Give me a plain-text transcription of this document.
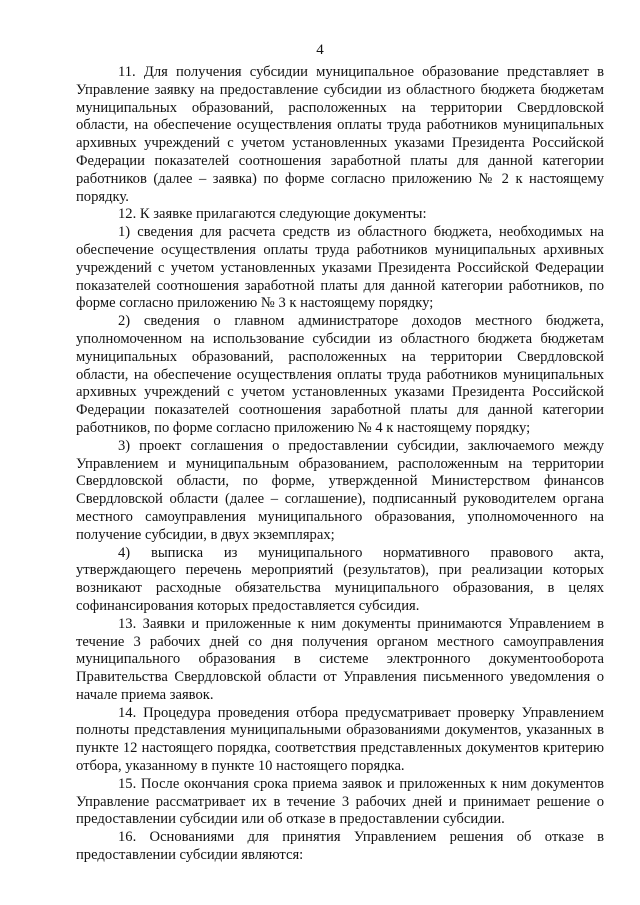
4

11. Для получения субсидии муниципальное образование представляет в Управление заявку на предоставление субсидии из областного бюджета бюджетам муниципальных образований, расположенных на территории Свердловской области, на обеспечение осуществления оплаты труда работников муниципальных архивных учреждений с учетом установленных указами Президента Российской Федерации показателей соотношения заработной платы для данной категории работников (далее – заявка) по форме согласно приложению № 2 к настоящему порядку.

12. К заявке прилагаются следующие документы:

1) сведения для расчета средств из областного бюджета, необходимых на обеспечение осуществления оплаты труда работников муниципальных архивных учреждений с учетом установленных указами Президента Российской Федерации показателей соотношения заработной платы для данной категории работников, по форме согласно приложению № 3 к настоящему порядку;

2) сведения о главном администраторе доходов местного бюджета, уполномоченном на использование субсидии из областного бюджета бюджетам муниципальных образований, расположенных на территории Свердловской области, на обеспечение осуществления оплаты труда работников муниципальных архивных учреждений с учетом установленных указами Президента Российской Федерации показателей соотношения заработной платы для данной категории работников, по форме согласно приложению № 4 к настоящему порядку;

3) проект соглашения о предоставлении субсидии, заключаемого между Управлением и муниципальным образованием, расположенным на территории Свердловской области, по форме, утвержденной Министерством финансов Свердловской области (далее – соглашение), подписанный руководителем органа местного самоуправления муниципального образования, уполномоченного на получение субсидии, в двух экземплярах;

4) выписка из муниципального нормативного правового акта, утверждающего перечень мероприятий (результатов), при реализации которых возникают расходные обязательства муниципального образования, в целях софинансирования которых предоставляется субсидия.

13. Заявки и приложенные к ним документы принимаются Управлением в течение 3 рабочих дней со дня получения органом местного самоуправления муниципального образования в системе электронного документооборота Правительства Свердловской области от Управления письменного уведомления о начале приема заявок.

14. Процедура проведения отбора предусматривает проверку Управлением полноты представления муниципальными образованиями документов, указанных в пункте 12 настоящего порядка, соответствия представленных документов критерию отбора, указанному в пункте 10 настоящего порядка.

15. После окончания срока приема заявок и приложенных к ним документов Управление рассматривает их в течение 3 рабочих дней и принимает решение о предоставлении субсидии или об отказе в предоставлении субсидии.

16. Основаниями для принятия Управлением решения об отказе в предоставлении субсидии являются:
